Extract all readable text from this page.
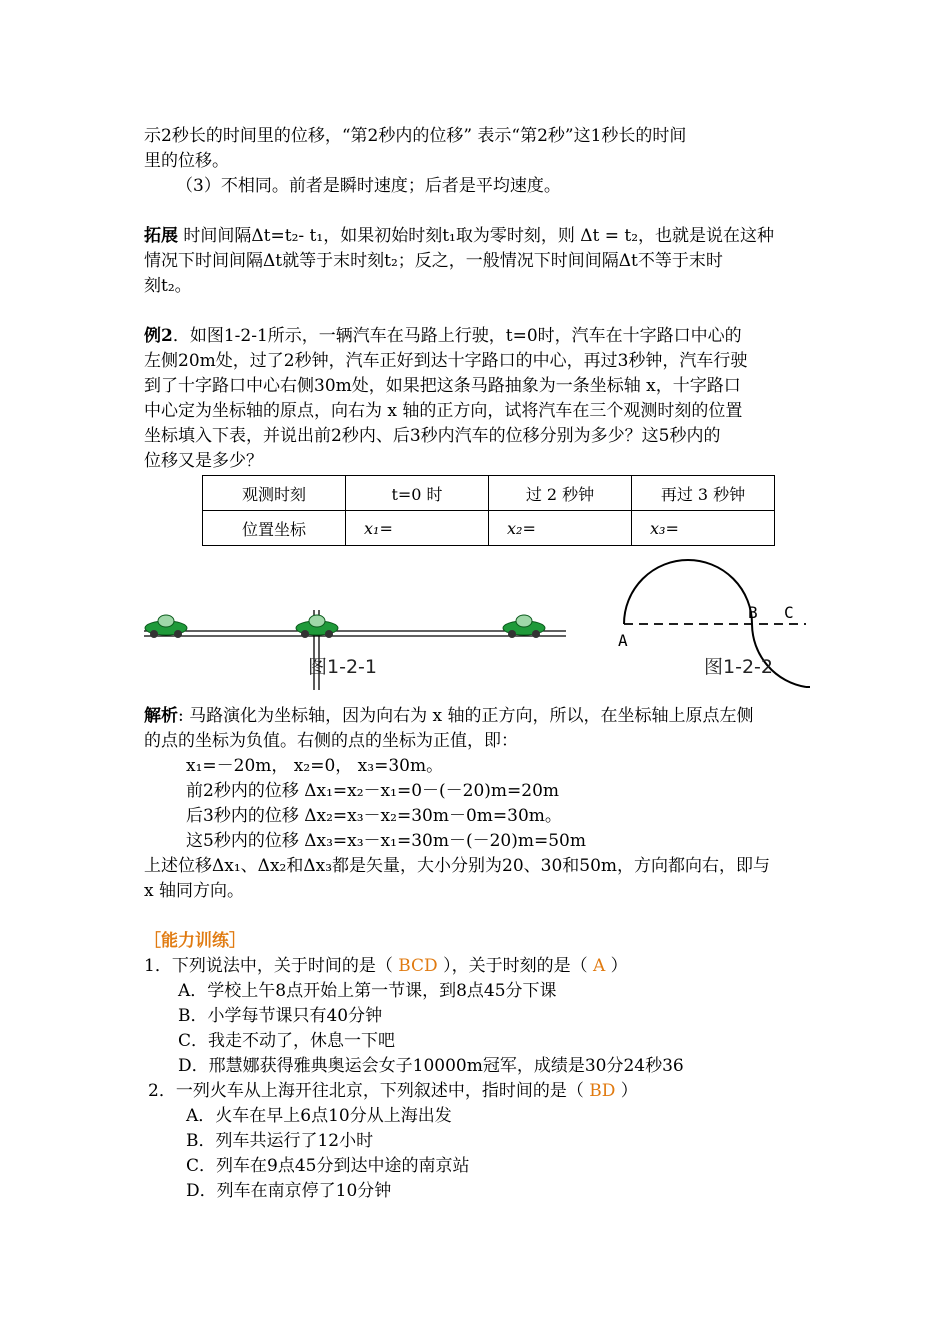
示2秒长的时间里的位移，“第2秒内的位移” 表示“第2秒”这1秒长的时间

里的位移。

（3）不相同。前者是瞬时速度；后者是平均速度。

拓展 时间间隔Δt=t₂- t₁，如果初始时刻t₁取为零时刻，则 Δt = t₂，也就是说在这种

情况下时间间隔Δt就等于末时刻t₂；反之，一般情况下时间间隔Δt不等于末时

刻t₂。

例2．如图1-2-1所示，一辆汽车在马路上行驶，t=0时，汽车在十字路口中心的

左侧20m处，过了2秒钟，汽车正好到达十字路口的中心，再过3秒钟，汽车行驶

到了十字路口中心右侧30m处，如果把这条马路抽象为一条坐标轴 x，十字路口

中心定为坐标轴的原点，向右为 x 轴的正方向，试将汽车在三个观测时刻的位置

坐标填入下表，并说出前2秒内、后3秒内汽车的位移分别为多少？这5秒内的

位移又是多少？

观测时刻	t=0 时	过 2 秒钟	再过 3 秒钟
位置坐标	x₁=	x₂=	x₃=
图1-2-1
A
B C
图1-2-2

解析: 马路演化为坐标轴，因为向右为 x 轴的正方向，所以，在坐标轴上原点左侧

的点的坐标为负值。右侧的点的坐标为正值，即：

x₁=－20m， x₂=0， x₃=30m。

前2秒内的位移 Δx₁=x₂－x₁=0－(－20)m=20m

后3秒内的位移 Δx₂=x₃－x₂=30m－0m=30m。

这5秒内的位移 Δx₃=x₃－x₁=30m－(－20)m=50m

上述位移Δx₁、Δx₂和Δx₃都是矢量，大小分别为20、30和50m，方向都向右，即与

x 轴同方向。

［能力训练］

1．下列说法中，关于时间的是（ BCD ），关于时刻的是（ A ）

A．学校上午8点开始上第一节课，到8点45分下课

B．小学每节课只有40分钟

C．我走不动了，休息一下吧

D．邢慧娜获得雅典奥运会女子10000m冠军，成绩是30分24秒36

2．一列火车从上海开往北京，下列叙述中，指时间的是（ BD ）

A．火车在早上6点10分从上海出发

B．列车共运行了12小时

C．列车在9点45分到达中途的南京站

D．列车在南京停了10分钟
